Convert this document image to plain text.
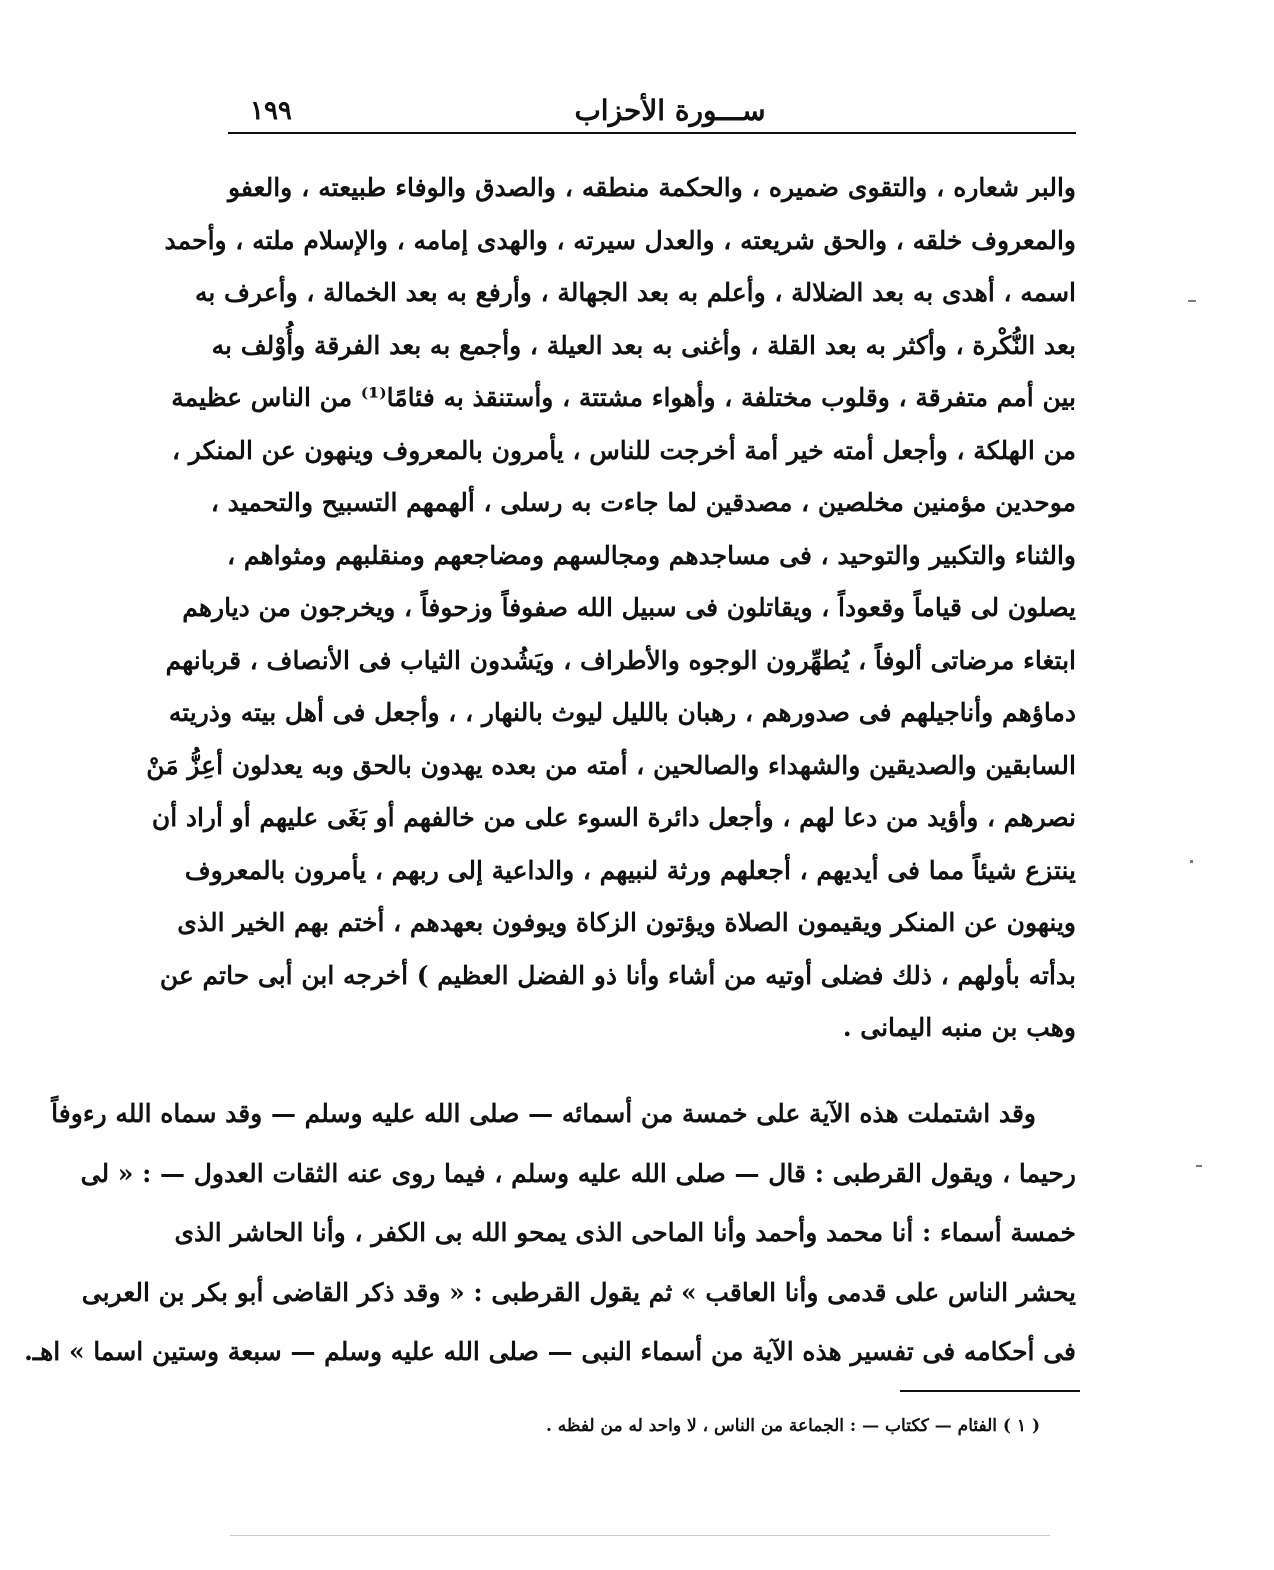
١٩٩	ســـورة الأحزاب
والبر شعاره ، والتقوى ضميره ، والحكمة منطقه ، والصدق والوفاء طبيعته ، والعفو
والمعروف خلقه ، والحق شريعته ، والعدل سيرته ، والهدى إمامه ، والإسلام ملته ، وأحمد
اسمه ، أهدى به بعد الضلالة ، وأعلم به بعد الجهالة ، وأرفع به بعد الخمالة ، وأعرف به
بعد النُّكْرة ، وأكثر به بعد القلة ، وأغنى به بعد العيلة ، وأجمع به بعد الفرقة وأُوْلف به
بين أمم متفرقة ، وقلوب مختلفة ، وأهواء مشتتة ، وأستنقذ به فئامًا⁽¹⁾ من الناس عظيمة
من الهلكة ، وأجعل أمته خير أمة أخرجت للناس ، يأمرون بالمعروف وينهون عن المنكر ،
موحدين مؤمنين مخلصين ، مصدقين لما جاءت به رسلى ، ألهمهم التسبيح والتحميد ،
والثناء والتكبير والتوحيد ، فى مساجدهم ومجالسهم ومضاجعهم ومنقلبهم ومثواهم ،
يصلون لى قياماً وقعوداً ، ويقاتلون فى سبيل الله صفوفاً وزحوفاً ، ويخرجون من ديارهم
ابتغاء مرضاتى ألوفاً ، يُطهِّرون الوجوه والأطراف ، ويَشُدون الثياب فى الأنصاف ، قربانهم
دماؤهم وأناجيلهم فى صدورهم ، رهبان بالليل ليوث بالنهار ، ، وأجعل فى أهل بيته وذريته
السابقين والصديقين والشهداء والصالحين ، أمته من بعده يهدون بالحق وبه يعدلون أعِزُّ مَنْ
نصرهم ، وأؤيد من دعا لهم ، وأجعل دائرة السوء على من خالفهم أو بَغَى عليهم أو أراد أن
ينتزع شيئاً مما فى أيديهم ، أجعلهم ورثة لنبيهم ، والداعية إلى ربهم ، يأمرون بالمعروف
وينهون عن المنكر ويقيمون الصلاة ويؤتون الزكاة ويوفون بعهدهم ، أختم بهم الخير الذى
بدأته بأولهم ، ذلك فضلى أوتيه من أشاء وأنا ذو الفضل العظيم ) أخرجه ابن أبى حاتم عن
وهب بن منبه اليمانى .
وقد اشتملت هذه الآية على خمسة من أسمائه — صلى الله عليه وسلم — وقد سماه الله رءوفاً
رحيما ، ويقول القرطبى : قال — صلى الله عليه وسلم ، فيما روى عنه الثقات العدول — : « لى
خمسة أسماء : أنا محمد وأحمد وأنا الماحى الذى يمحو الله بى الكفر ، وأنا الحاشر الذى
يحشر الناس على قدمى وأنا العاقب » ثم يقول القرطبى : « وقد ذكر القاضى أبو بكر بن العربى
فى أحكامه فى تفسير هذه الآية من أسماء النبى — صلى الله عليه وسلم — سبعة وستين اسما » اهـ.
( ١ ) الفئام — ككتاب — : الجماعة من الناس ، لا واحد له من لفظه .
